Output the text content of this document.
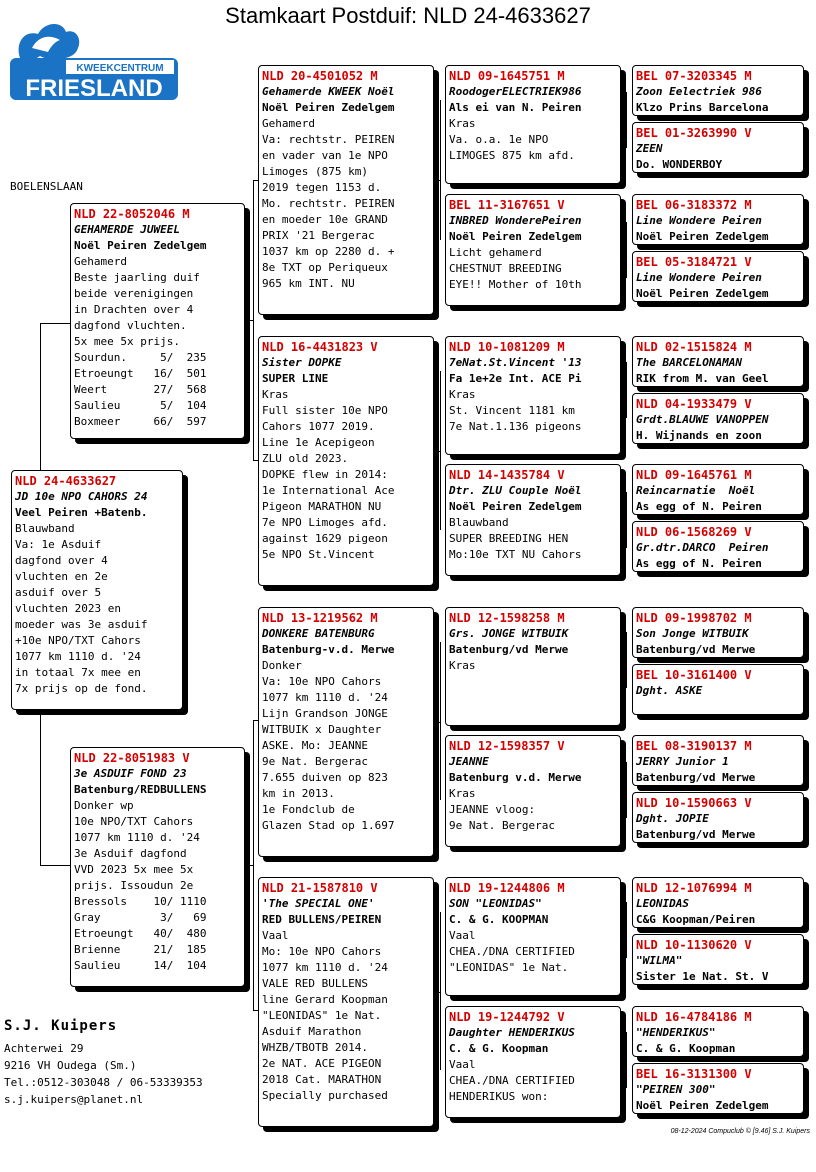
Stamkaart Postduif: NLD 24-4633627
KWEEKCENTRUM
FRIESLAND
BOELENSLAAN
NLD 24-4633627
JD 10e NPO CAHORS 24
Veel Peiren +Batenb.
Blauwband
Va: 1e Asduif
dagfond over 4
vluchten en 2e
asduif over 5
vluchten 2023 en
moeder was 3e asduif
+10e NPO/TXT Cahors
1077 km 1110 d. '24
in totaal 7x mee en
7x prijs op de fond.
NLD 22-8052046 M
GEHAMERDE JUWEEL
Noël Peiren Zedelgem
Gehamerd
Beste jaarling duif
beide verenigingen
in Drachten over 4
dagfond vluchten.
5x mee 5x prijs.
Sourdun.     5/  235
Etroeungt   16/  501
Weert       27/  568
Saulieu      5/  104
Boxmeer     66/  597
NLD 22-8051983 V
3e ASDUIF FOND 23
Batenburg/REDBULLENS
Donker wp
10e NPO/TXT Cahors
1077 km 1110 d. '24
3e Asduif dagfond
VVD 2023 5x mee 5x
prijs. Issoudun 2e
Bressols    10/ 1110
Gray         3/   69
Etroeungt   40/  480
Brienne     21/  185
Saulieu     14/  104
NLD 20-4501052 M
Gehamerde KWEEK Noël
Noël Peiren Zedelgem
Gehamerd
Va: rechtstr. PEIREN
en vader van 1e NPO
Limoges (875 km)
2019 tegen 1153 d.
Mo. rechtstr. PEIREN
en moeder 10e GRAND
PRIX '21 Bergerac
1037 km op 2280 d. +
8e TXT op Periqueux
965 km INT. NU
NLD 16-4431823 V
Sister DOPKE
SUPER LINE
Kras
Full sister 10e NPO
Cahors 1077 2019.
Line 1e Acepigeon
ZLU old 2023.
DOPKE flew in 2014:
1e International Ace
Pigeon MARATHON NU
7e NPO Limoges afd.
against 1629 pigeon
5e NPO St.Vincent
NLD 13-1219562 M
DONKERE BATENBURG
Batenburg-v.d. Merwe
Donker
Va: 10e NPO Cahors
1077 km 1110 d. '24
Lijn Grandson JONGE
WITBUIK x Daughter
ASKE. Mo: JEANNE
9e Nat. Bergerac
7.655 duiven op 823
km in 2013.
1e Fondclub de
Glazen Stad op 1.697
NLD 21-1587810 V
'The SPECIAL ONE'
RED BULLENS/PEIREN
Vaal
Mo: 10e NPO Cahors
1077 km 1110 d. '24
VALE RED BULLENS
line Gerard Koopman
"LEONIDAS" 1e Nat.
Asduif Marathon
WHZB/TBOTB 2014.
2e NAT. ACE PIGEON
2018 Cat. MARATHON
Specially purchased
NLD 09-1645751 M
RoodogerELECTRIEK986
Als ei van N. Peiren
Kras
Va. o.a. 1e NPO
LIMOGES 875 km afd.
BEL 11-3167651 V
INBRED WonderePeiren
Noël Peiren Zedelgem
Licht gehamerd
CHESTNUT BREEDING
EYE!! Mother of 10th
NLD 10-1081209 M
7eNat.St.Vincent '13
Fa 1e+2e Int. ACE Pi
Kras
St. Vincent 1181 km
7e Nat.1.136 pigeons
NLD 14-1435784 V
Dtr. ZLU Couple Noël
Noël Peiren Zedelgem
Blauwband
SUPER BREEDING HEN
Mo:10e TXT NU Cahors
NLD 12-1598258 M
Grs. JONGE WITBUIK
Batenburg/vd Merwe
Kras
NLD 12-1598357 V
JEANNE
Batenburg v.d. Merwe
Kras
JEANNE vloog:
9e Nat. Bergerac
NLD 19-1244806 M
SON "LEONIDAS"
C. & G. KOOPMAN
Vaal
CHEA./DNA CERTIFIED
"LEONIDAS" 1e Nat.
NLD 19-1244792 V
Daughter HENDERIKUS
C. & G. Koopman
Vaal
CHEA./DNA CERTIFIED
HENDERIKUS won:
BEL 07-3203345 M
Zoon Eelectriek 986
Klzo Prins Barcelona
BEL 01-3263990 V
ZEEN
Do. WONDERBOY
BEL 06-3183372 M
Line Wondere Peiren
Noël Peiren Zedelgem
BEL 05-3184721 V
Line Wondere Peiren
Noël Peiren Zedelgem
NLD 02-1515824 M
The BARCELONAMAN
RIK from M. van Geel
NLD 04-1933479 V
Grdt.BLAUWE VANOPPEN
H. Wijnands en zoon
NLD 09-1645761 M
Reincarnatie  Noël
As egg of N. Peiren
NLD 06-1568269 V
Gr.dtr.DARCO  Peiren
As egg of N. Peiren
NLD 09-1998702 M
Son Jonge WITBUIK
Batenburg/vd Merwe
BEL 10-3161400 V
Dght. ASKE
BEL 08-3190137 M
JERRY Junior 1
Batenburg/vd Merwe
NLD 10-1590663 V
Dght. JOPIE
Batenburg/vd Merwe
NLD 12-1076994 M
LEONIDAS
C&G Koopman/Peiren
NLD 10-1130620 V
"WILMA"
Sister 1e Nat. St. V
NLD 16-4784186 M
"HENDERIKUS"
C. & G. Koopman
BEL 16-3131300 V
"PEIREN 300"
Noël Peiren Zedelgem
S.J. Kuipers
Achterwei 29
9216 VH Oudega (Sm.)
Tel.:0512-303048 / 06-53339353
s.j.kuipers@planet.nl
08-12-2024 Compuclub © [9.46] S.J. Kuipers
